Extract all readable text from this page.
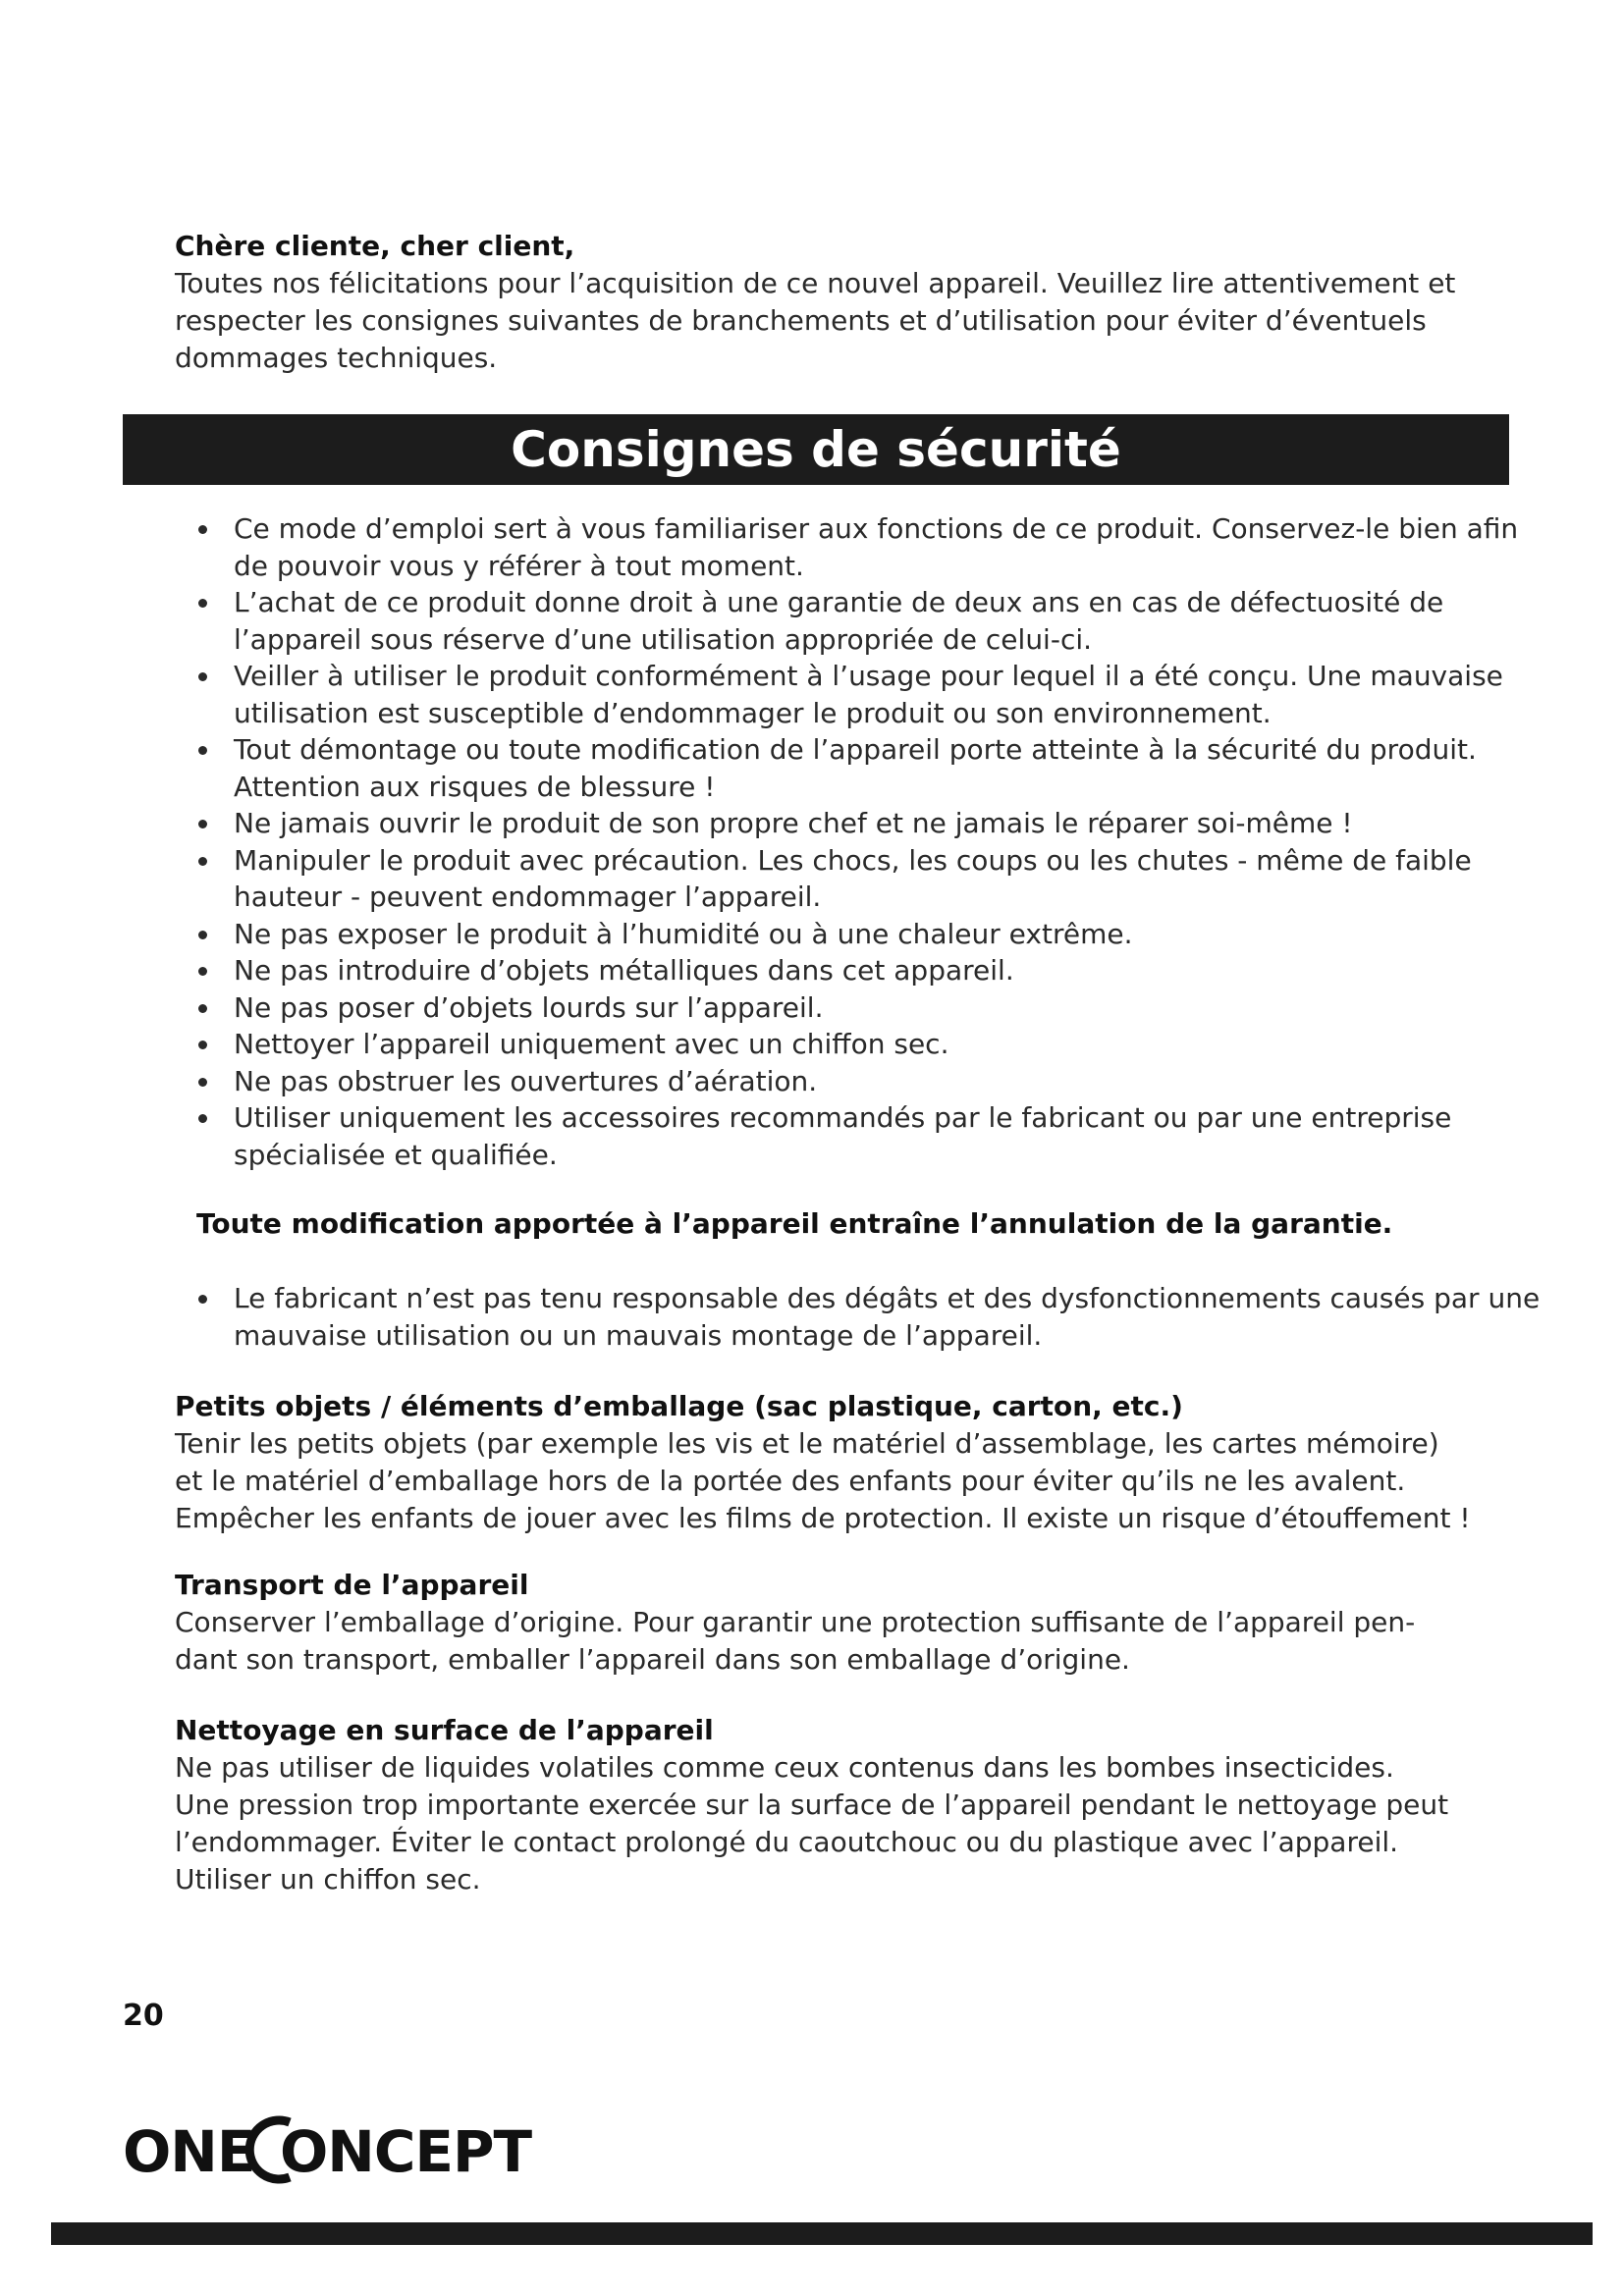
Chère cliente, cher client,

Toutes nos félicitations pour l’acquisition de ce nouvel appareil. Veuillez lire attentivement et

respecter les consignes suivantes de branchements et d’utilisation pour éviter d’éventuels

dommages techniques.

Consignes de sécurité
Ce mode d’emploi sert à vous familiariser aux fonctions de ce produit. Conservez-le bien afin de pouvoir vous y référer à tout moment.
L’achat de ce produit donne droit à une garantie de deux ans en cas de défectuosité de l’appareil sous réserve d’une utilisation appropriée de celui-ci.
Veiller à utiliser le produit conformément à l’usage pour lequel il a été conçu. Une mauvaise utilisation est susceptible d’endommager le produit ou son environnement.
Tout démontage ou toute modification de l’appareil porte atteinte à la sécurité du produit. Attention aux risques de blessure !
Ne jamais ouvrir le produit de son propre chef et ne jamais le réparer soi-même !
Manipuler le produit avec précaution. Les chocs, les coups ou les chutes - même de faible hauteur - peuvent endommager l’appareil.
Ne pas exposer le produit à l’humidité ou à une chaleur extrême.
Ne pas introduire d’objets métalliques dans cet appareil.
Ne pas poser d’objets lourds sur l’appareil.
Nettoyer l’appareil uniquement avec un chiffon sec.
Ne pas obstruer les ouvertures d’aération.
Utiliser uniquement les accessoires recommandés par le fabricant ou par une entreprise spécialisée et qualifiée.

Toute modification apportée à l’appareil entraîne l’annulation de la garantie.

Le fabricant n’est pas tenu responsable des dégâts et des dysfonctionnements causés par une mauvaise utilisation ou un mauvais montage de l’appareil.
Petits objets / éléments d’emballage (sac plastique, carton, etc.)

Tenir les petits objets (par exemple les vis et le matériel d’assemblage, les cartes mémoire)

et le matériel d’emballage hors de la portée des enfants pour éviter qu’ils ne les avalent.

Empêcher les enfants de jouer avec les films de protection. Il existe un risque d’étouffement !

Transport de l’appareil

Conserver l’emballage d’origine. Pour garantir une protection suffisante de l’appareil pen-

dant son transport, emballer l’appareil dans son emballage d’origine.

Nettoyage en surface de l’appareil

Ne pas utiliser de liquides volatiles comme ceux contenus dans les bombes insecticides.

Une pression trop importante exercée sur la surface de l’appareil pendant le nettoyage peut

l’endommager. Éviter le contact prolongé du caoutchouc ou du plastique avec l’appareil.

Utiliser un chiffon sec.

20
ONE ONCEPT
